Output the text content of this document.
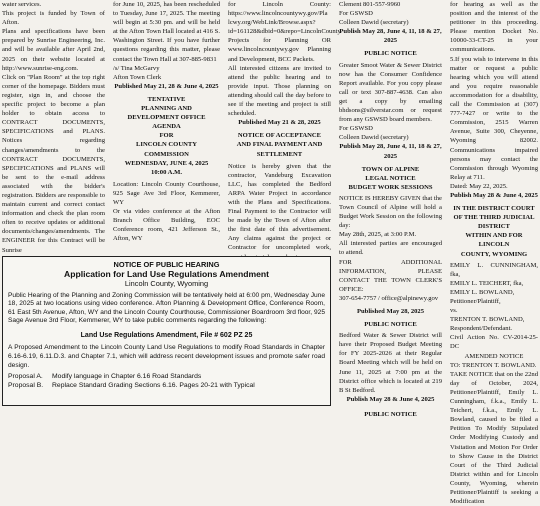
water services.

This project is funded by Town of Afton.

Plans and specifications have been prepared by Sunrise Engineering, Inc. and will be available after April 2nd, 2025 on their website located at http://www.sunrise-eng.com.

Click on "Plan Room" at the top right corner of the homepage. Bidders must register, sign in, and choose the specific project to become a plan holder to obtain access to CONTRACT DOCUMENTS, SPECIFICATIONS and PLANS. Notices regarding changes/amendments to the CONTRACT DOCUMENTS, SPECIFICATIONS and PLANS will be sent to the e-mail address associated with the bidder's registration. Bidders are responsible to maintain current and correct contact information and check the plan room often to receive updates or additional documents/changes/amendments. The ENGINEER for this Contract will be Sunrise

for June 10, 2025, has been rescheduled to Tuesday, June 17, 2025. The meeting will begin at 5:30 pm. and will be held at the Afton Town Hall located at 416 S. Washington Street. If you have further questions regarding this matter, please contact the Town Hall at 307-885-9831

/s/ Tina McGarvy

Afton Town Clerk

Published May 21, 28 & June 4, 2025

TENTATIVE

PLANNING AND

DEVELOPMENT OFFICE

AGENDA

FOR

LINCOLN COUNTY

COMMISSION

WEDNESDAY, JUNE 4, 2025

10:00 A.M.

Location: Lincoln County Courthouse, 925 Sage Ave 3rd Floor, Kemmerer, WY

Or via video conference at the Afton Branch Office Building, EOC Conference room, 421 Jefferson St., Afton, WY

for Lincoln County: https://www.lincolncountywy.gov/Pla lcwy.org/WebLink/Browse.aspx?id=161128&dbid=0&repo=LincolnCounty

Projects for Planning OR www.lincolncountywy.gov Planning and Development, BCC Packets.

All interested citizens are invited to attend the public hearing and to provide input. Those planning on attending should call the day before to see if the meeting and project is still scheduled.

Published May 21 & 28, 2025

NOTICE OF ACCEPTANCE

AND FINAL PAYMENT AND

SETTLEMENT

Notice is hereby given that the contractor, Vandeburg Excavation LLC, has completed the Bedford ARPA Water Project in accordance with the Plans and Specifications. Final Payment to the Contractor will be made by the Town of Afton after the first date of this advertisement. Any claims against the project or Contractor for uncompleted work,

Clement 801-557-9960

For GSWSD

Colleen Dawid (secretary)

Publish May 28, June 4, 11, 18 & 27, 2025

PUBLIC NOTICE

Greater Smoot Water & Sewer District now has the Consumer Confidence Report available. For you copy please call or text 307-887-4638. Can also get a copy by emailing bhdsons@silverstar.com or request from any GSWSD board members.

For GSWSD

Colleen Dawid (secretary)

Publish May 28, June 4, 11, 18 & 27, 2025

TOWN OF ALPINE

LEGAL NOTICE

BUDGET WORK SESSIONS

NOTICE IS HEREBY GIVEN that the Town Council of Alpine will hold a Budget Work Session on the following day:

May 28th, 2025, at 3:00 P.M.

All interested parties are encouraged to attend.

FOR ADDITIONAL INFORMATION, PLEASE CONTACT THE TOWN CLERK'S OFFICE:

307-654-7757 / office@alpinewy.gov

Published May 28, 2025

PUBLIC NOTICE

Bedford Water & Sewer District will have their Proposed Budget Meeting for FY 2025-2026 at their Regular Board Meeting which will be held on June 11, 2025 at 7:00 pm at the District office which is located at 219 B St Bedford.

Publish May 28 & June 4, 2025

PUBLIC NOTICE

for hearing as well as the position and the interest of the petitioner in this proceeding. Please mention Docket No. 10000-33-CT-25 in your communications.

5.If you wish to intervene in this matter or request a public hearing which you will attend and you require reasonable accommodation for a disability, call the Commission at (307) 777-7427 or write to the Commission, 2515 Warren Avenue, Suite 300, Cheyenne, Wyoming 82002. Communications impaired persons may contact the Commission through Wyoming Relay at 711.

Dated: May 22, 2025.

Publish May 28 & June 4, 2025

IN THE DISTRICT COURT

OF THE THIRD JUDICIAL

DISTRICT

WITHIN AND FOR LINCOLN

COUNTY, WYOMING

EMILY L. CUNNINGHAM, fka,

EMILY L. TEICHERT, fka,

EMILY L. BOWLAND,

Petitioner/Plaintiff,

vs.

TRENTON T. BOWLAND,

Respondent/Defendant.

Civil Action No. CV-2014-25-DC

AMENDED NOTICE

TO: TRENTON T. BOWLAND.

TAKE NOTICE that on the 22nd day of October, 2024, Petitioner/Plaintiff, Emily L. Cunningham, f.k.a., Emily L. Teichert, f.k.a., Emily L. Bowland, caused to be filed a Petition To Modify Stipulated Order Modifying Custody and Visitation and Motion For Order to Show Cause in the District Court of the Third Judicial District within and for Lincoln County, Wyoming, wherein Petitioner/Plaintiff is seeking a Modification

NOTICE OF PUBLIC HEARING
Application for Land Use Regulations Amendment
Lincoln County, Wyoming

Public Hearing of the Planning and Zoning Commission will be tentatively held at 6:00 pm, Wednesday June 18, 2025 at two locations using video conference. Afton Planning & Development Office, Conference Room, 61 East 5th Avenue, Afton, WY and the Lincoln County Courthouse, Commissioner Boardroom 3rd floor, 925 Sage Avenue 3rd Floor, Kemmerer, WY to take public comments regarding the following:

Land Use Regulations Amendment, File # 602 PZ 25

A Proposed Amendment to the Lincoln County Land Use Regulations to modify Road Standards in Chapter 6.16-6.19, 6.11.D.3. and Chapter 7.1, which will address recent development issues and promote safer road design.

Proposal A.	Modify language in Chapter 6.16 Road Standards
Proposal B.	Replace Standard Grading Sections 6.16. Pages 20-21 with Typical
